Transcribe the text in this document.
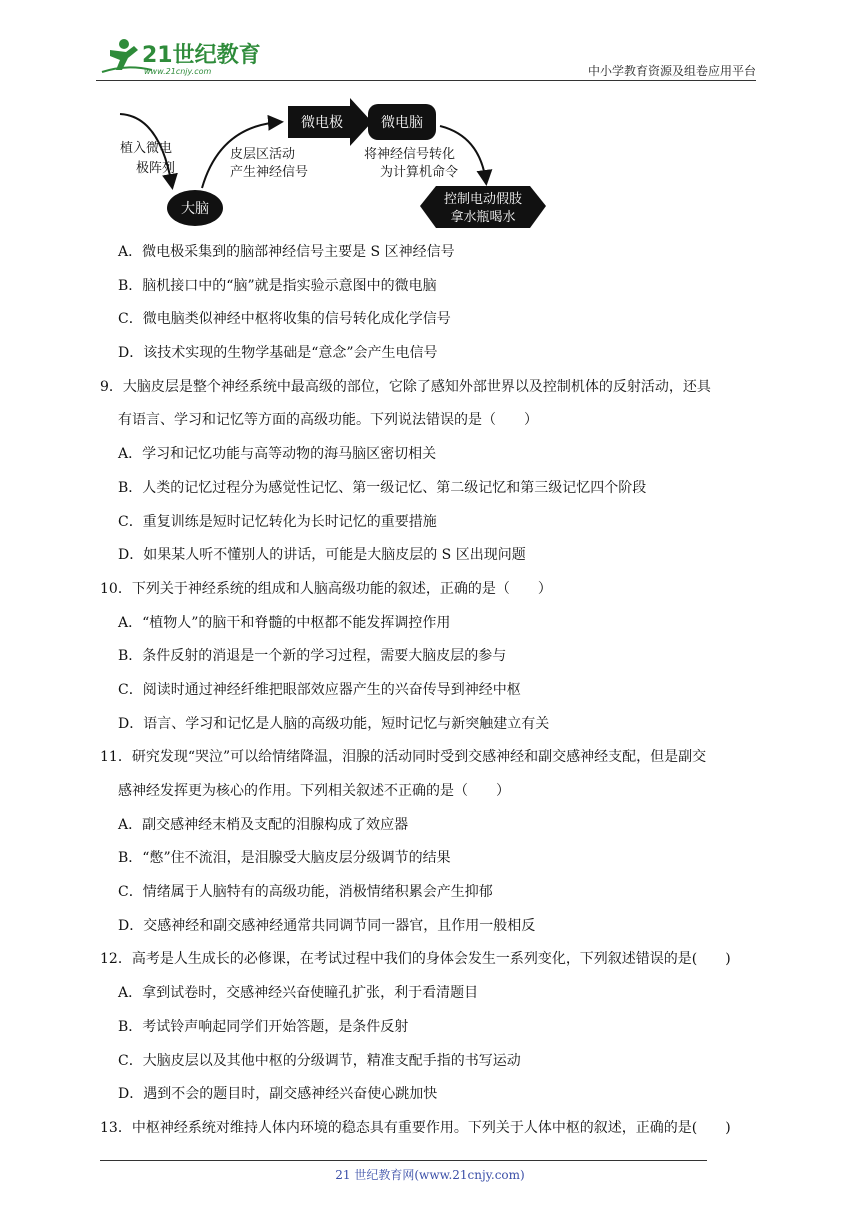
21世纪教育
www.21cnjy.com	中小学教育资源及组卷应用平台
植入微电
极阵列
大脑
皮层区活动
产生神经信号
微电极	微电脑
将神经信号转化
为计算机命令
控制电动假肢
拿水瓶喝水
A．微电极采集到的脑部神经信号主要是 S 区神经信号
B．脑机接口中的“脑”就是指实验示意图中的微电脑
C．微电脑类似神经中枢将收集的信号转化成化学信号
D．该技术实现的生物学基础是“意念”会产生电信号
9．大脑皮层是整个神经系统中最高级的部位，它除了感知外部世界以及控制机体的反射活动，还具
有语言、学习和记忆等方面的高级功能。下列说法错误的是（　　）
A．学习和记忆功能与高等动物的海马脑区密切相关
B．人类的记忆过程分为感觉性记忆、第一级记忆、第二级记忆和第三级记忆四个阶段
C．重复训练是短时记忆转化为长时记忆的重要措施
D．如果某人听不懂别人的讲话，可能是大脑皮层的 S 区出现问题
10．下列关于神经系统的组成和人脑高级功能的叙述，正确的是（　　）
A．“植物人”的脑干和脊髓的中枢都不能发挥调控作用
B．条件反射的消退是一个新的学习过程，需要大脑皮层的参与
C．阅读时通过神经纤维把眼部效应器产生的兴奋传导到神经中枢
D．语言、学习和记忆是人脑的高级功能，短时记忆与新突触建立有关
11．研究发现“哭泣”可以给情绪降温，泪腺的活动同时受到交感神经和副交感神经支配，但是副交
感神经发挥更为核心的作用。下列相关叙述不正确的是（　　）
A．副交感神经末梢及支配的泪腺构成了效应器
B．“憋”住不流泪，是泪腺受大脑皮层分级调节的结果
C．情绪属于人脑特有的高级功能，消极情绪积累会产生抑郁
D．交感神经和副交感神经通常共同调节同一器官，且作用一般相反
12．高考是人生成长的必修课，在考试过程中我们的身体会发生一系列变化，下列叙述错误的是(　　)
A．拿到试卷时，交感神经兴奋使瞳孔扩张，利于看清题目
B．考试铃声响起同学们开始答题，是条件反射
C．大脑皮层以及其他中枢的分级调节，精准支配手指的书写运动
D．遇到不会的题目时，副交感神经兴奋使心跳加快
13．中枢神经系统对维持人体内环境的稳态具有重要作用。下列关于人体中枢的叙述，正确的是(　　)
21 世纪教育网(www.21cnjy.com)
